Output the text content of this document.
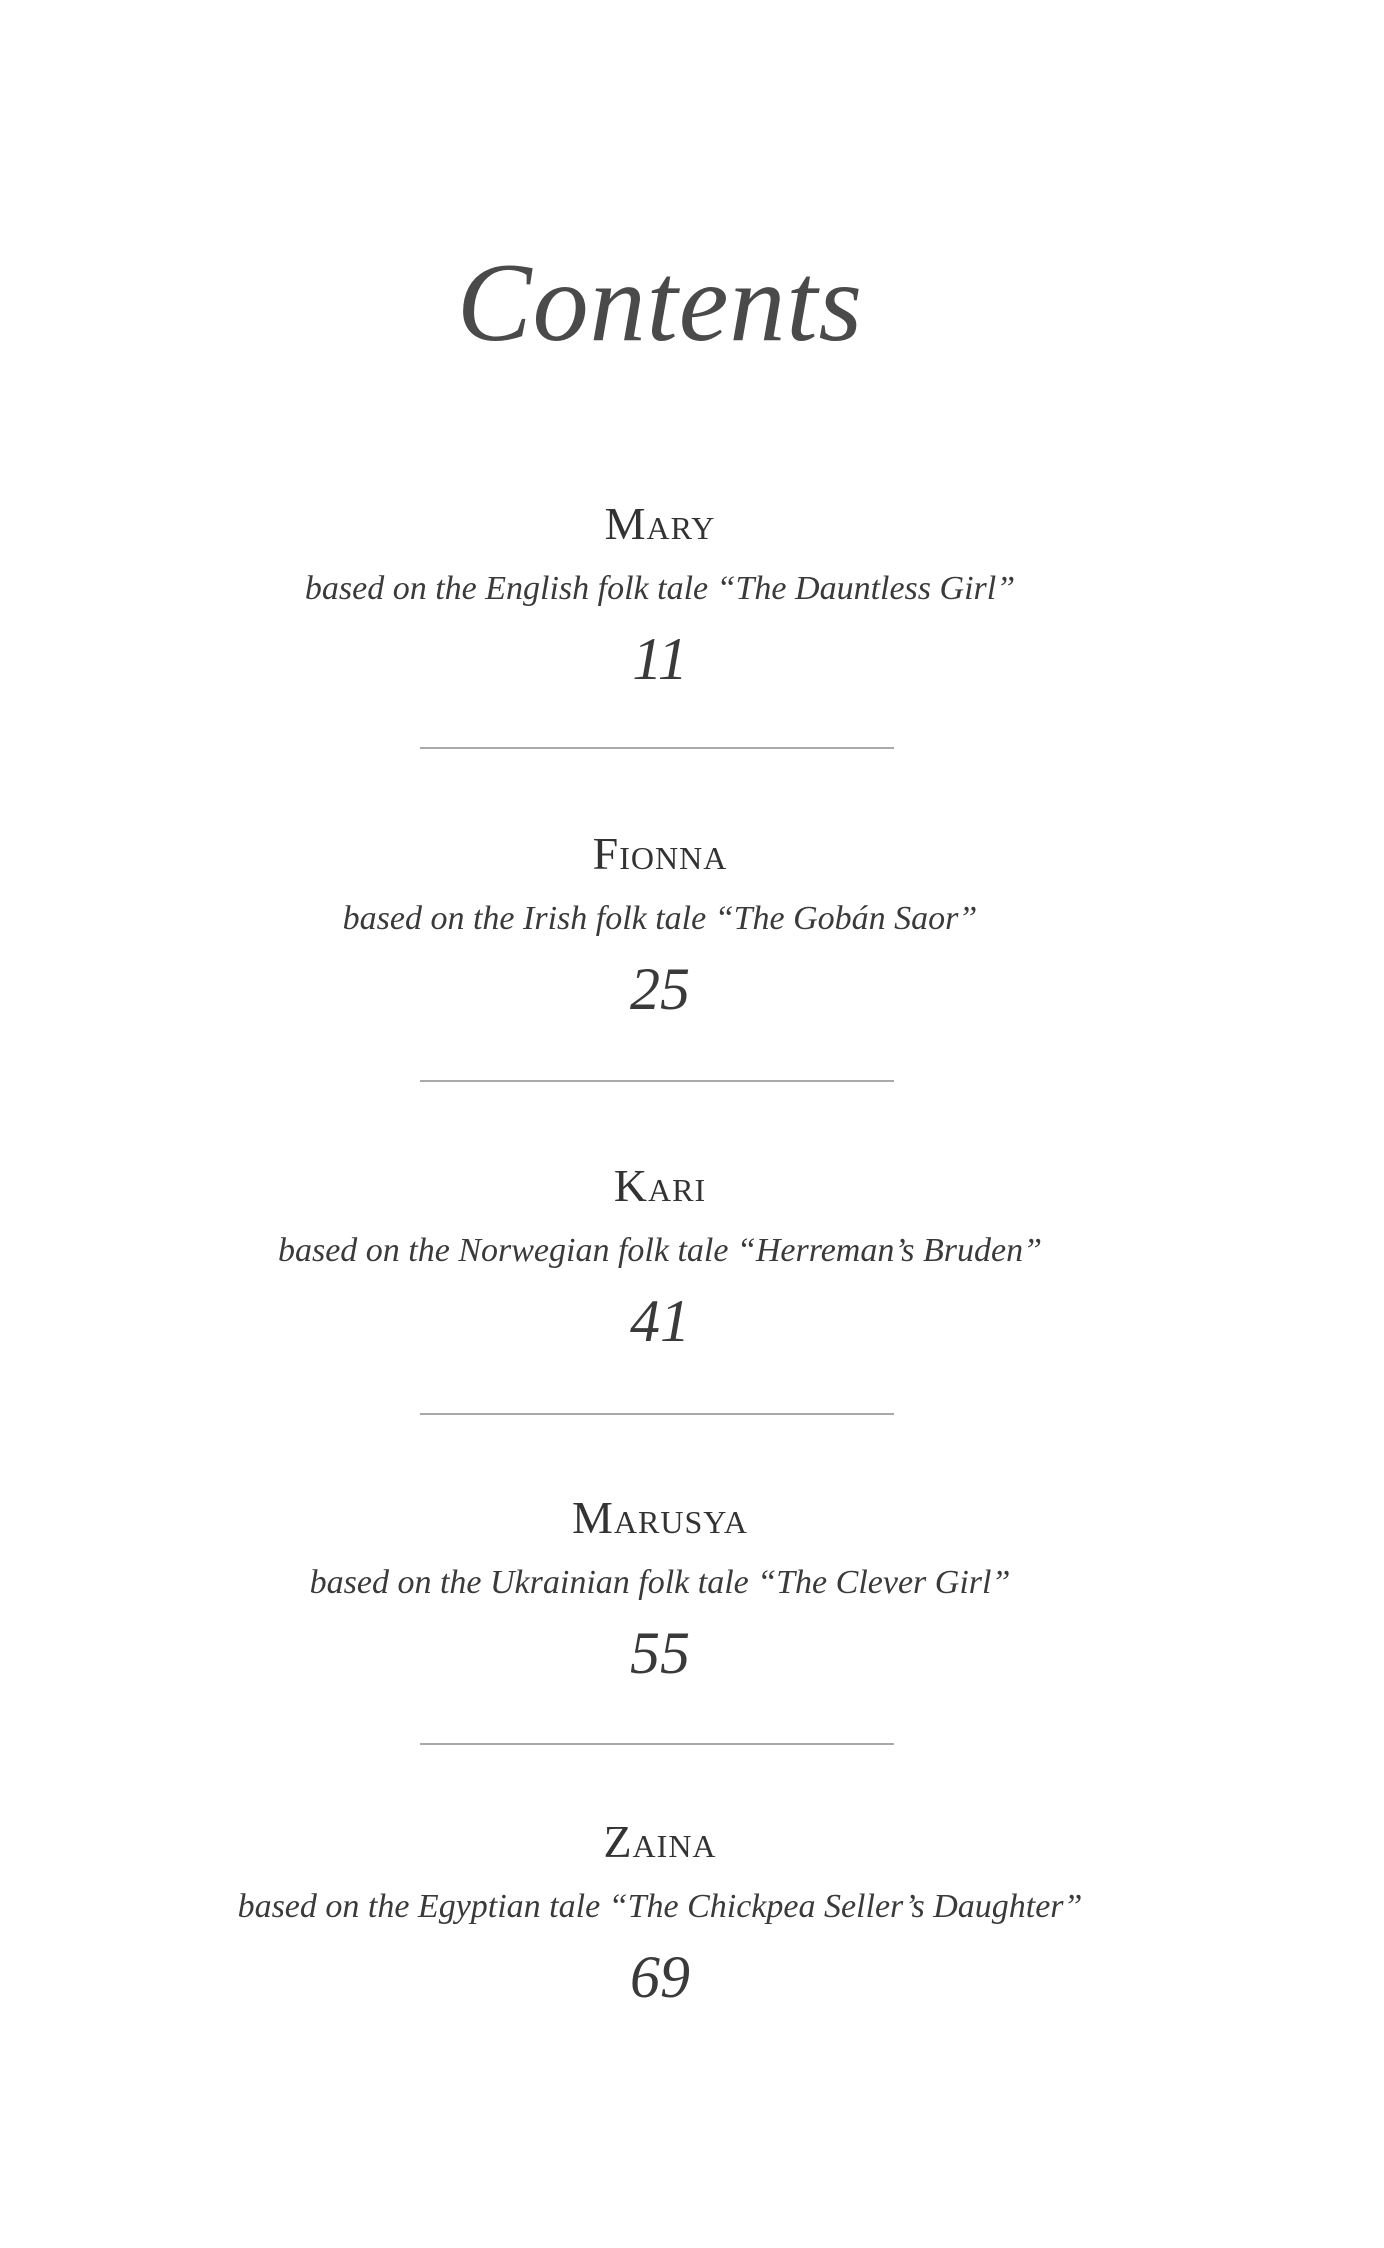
Contents
Mary
based on the English folk tale “The Dauntless Girl”
11
Fionna
based on the Irish folk tale “The Gobán Saor”
25
Kari
based on the Norwegian folk tale “Herreman’s Bruden”
41
Marusya
based on the Ukrainian folk tale “The Clever Girl”
55
Zaina
based on the Egyptian tale “The Chickpea Seller’s Daughter”
69
